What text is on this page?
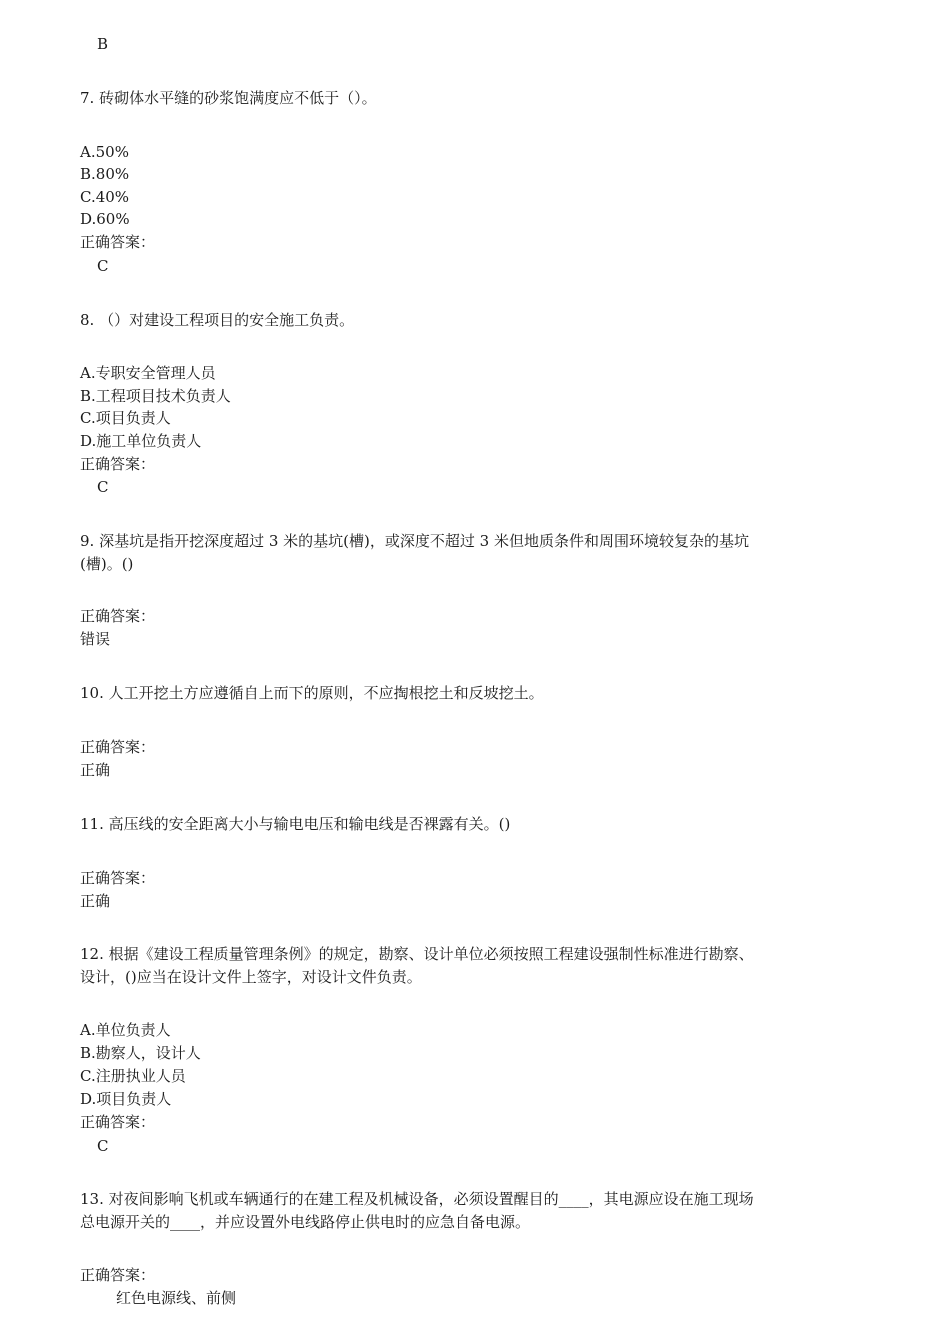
B
7. 砖砌体水平缝的砂浆饱满度应不低于（）。
A.50%
B.80%
C.40%
D.60%
正确答案：
C
8. （）对建设工程项目的安全施工负责。
A.专职安全管理人员
B.工程项目技术负责人
C.项目负责人
D.施工单位负责人
正确答案：
C
9. 深基坑是指开挖深度超过 3 米的基坑(槽)，或深度不超过 3 米但地质条件和周围环境较复杂的基坑
(槽)。()
正确答案：
错误
10. 人工开挖土方应遵循自上而下的原则，不应掏根挖土和反坡挖土。
正确答案：
正确
11. 高压线的安全距离大小与输电电压和输电线是否裸露有关。()
正确答案：
正确
12. 根据《建设工程质量管理条例》的规定，勘察、设计单位必须按照工程建设强制性标准进行勘察、
设计，()应当在设计文件上签字，对设计文件负责。
A.单位负责人
B.勘察人，设计人
C.注册执业人员
D.项目负责人
正确答案：
C
13. 对夜间影响飞机或车辆通行的在建工程及机械设备，必须设置醒目的____，其电源应设在施工现场
总电源开关的____，并应设置外电线路停止供电时的应急自备电源。
正确答案：
红色电源线、前侧
